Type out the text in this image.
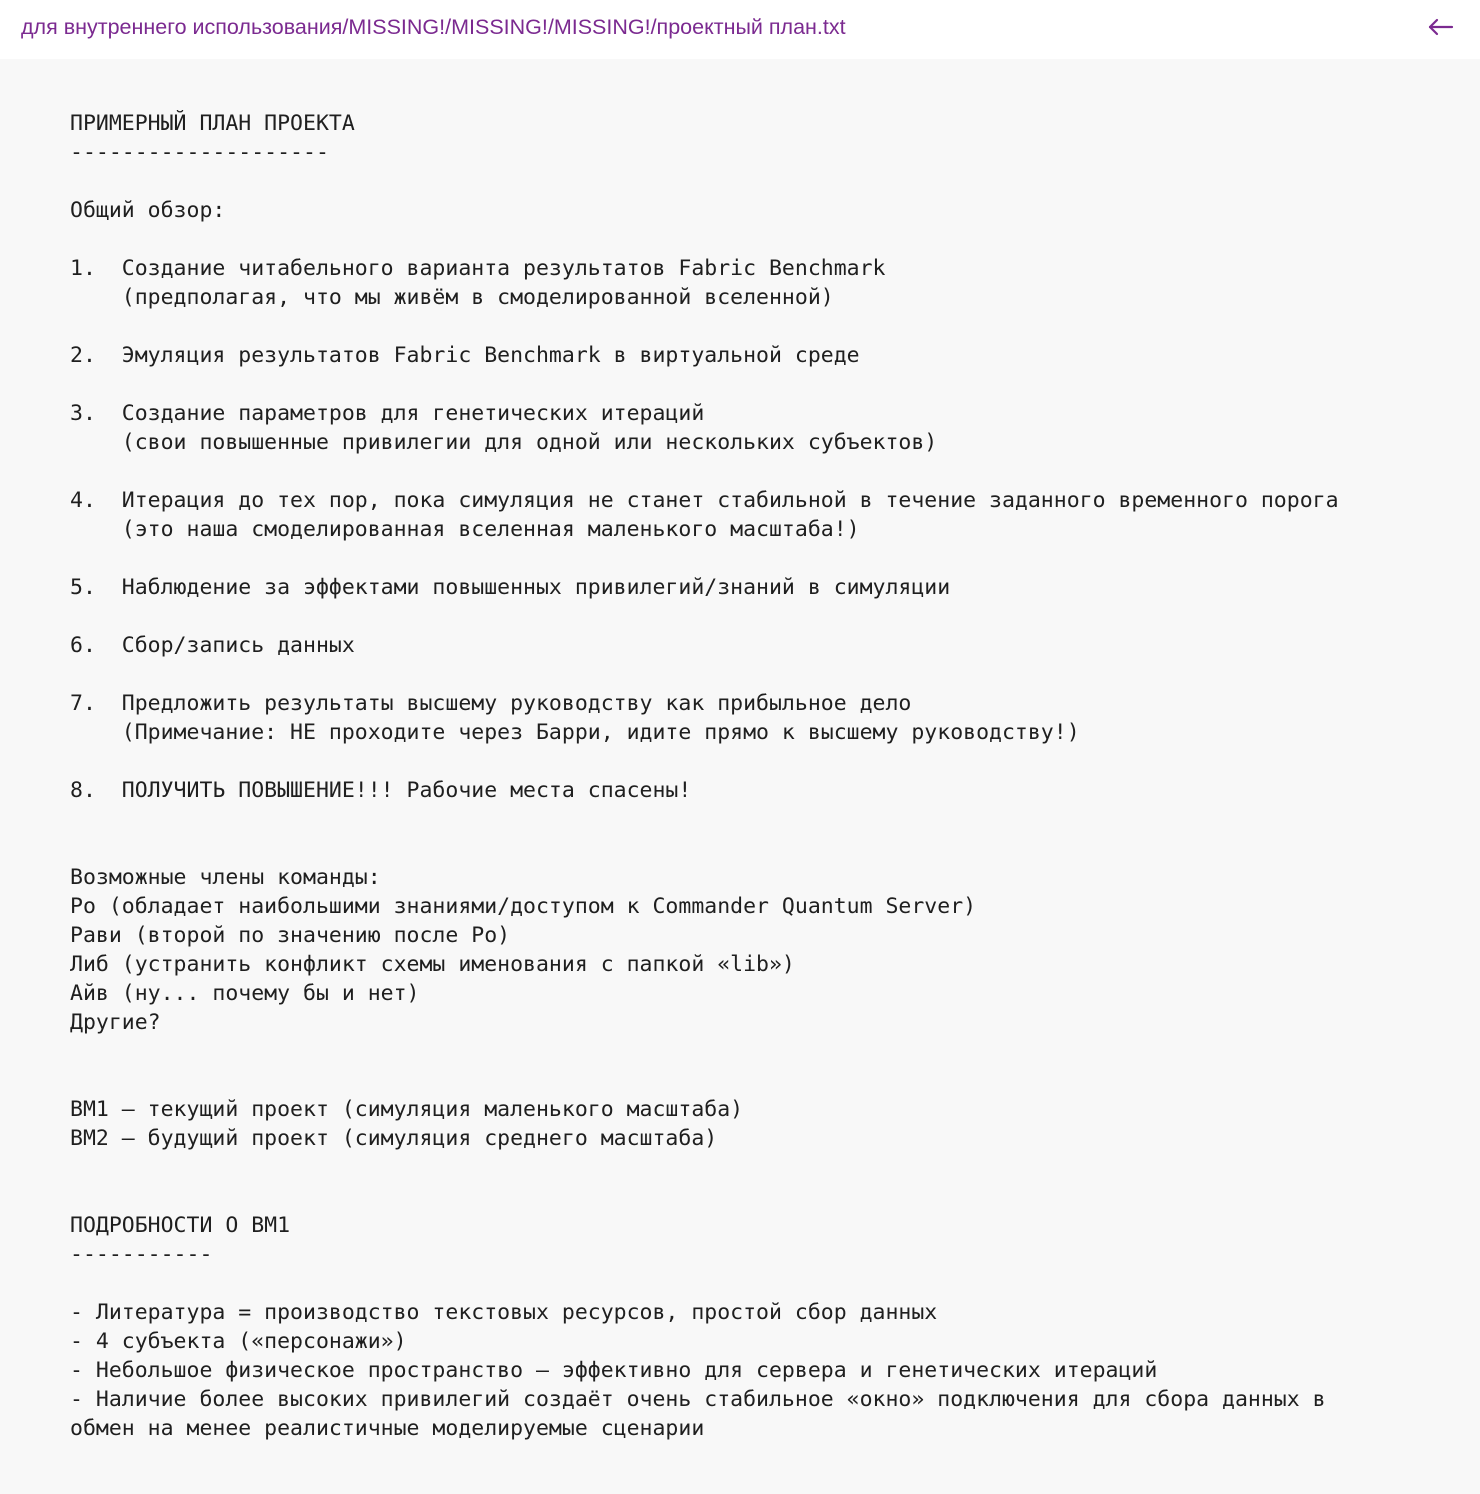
для внутреннего использования/MISSING!/MISSING!/MISSING!/проектный план.txt
ПРИМЕРНЫЙ ПЛАН ПРОЕКТА
--------------------

Общий обзор:

1.  Создание читабельного варианта результатов Fabric Benchmark
(предполагая, что мы живём в смоделированной вселенной)

2.  Эмуляция результатов Fabric Benchmark в виртуальной среде

3.  Создание параметров для генетических итераций
(свои повышенные привилегии для одной или нескольких субъектов)

4.  Итерация до тех пор, пока симуляция не станет стабильной в течение заданного временного порога
(это наша смоделированная вселенная маленького масштаба!)

5.  Наблюдение за эффектами повышенных привилегий/знаний в симуляции

6.  Сбор/запись данных

7.  Предложить результаты высшему руководству как прибыльное дело
(Примечание: НЕ проходите через Барри, идите прямо к высшему руководству!)

8.  ПОЛУЧИТЬ ПОВЫШЕНИЕ!!! Рабочие места спасены!

Возможные члены команды:
Ро (обладает наибольшими знаниями/доступом к Commander Quantum Server)
Рави (второй по значению после Ро)
Либ (устранить конфликт схемы именования с папкой «lib»)
Айв (ну... почему бы и нет)
Другие?

ВМ1 – текущий проект (симуляция маленького масштаба)
ВМ2 – будущий проект (симуляция среднего масштаба)

ПОДРОБНОСТИ О ВМ1
-----------

- Литература = производство текстовых ресурсов, простой сбор данных
- 4 субъекта («персонажи»)
- Небольшое физическое пространство – эффективно для сервера и генетических итераций
- Наличие более высоких привилегий создаёт очень стабильное «окно» подключения для сбора данных в
обмен на менее реалистичные моделируемые сценарии
